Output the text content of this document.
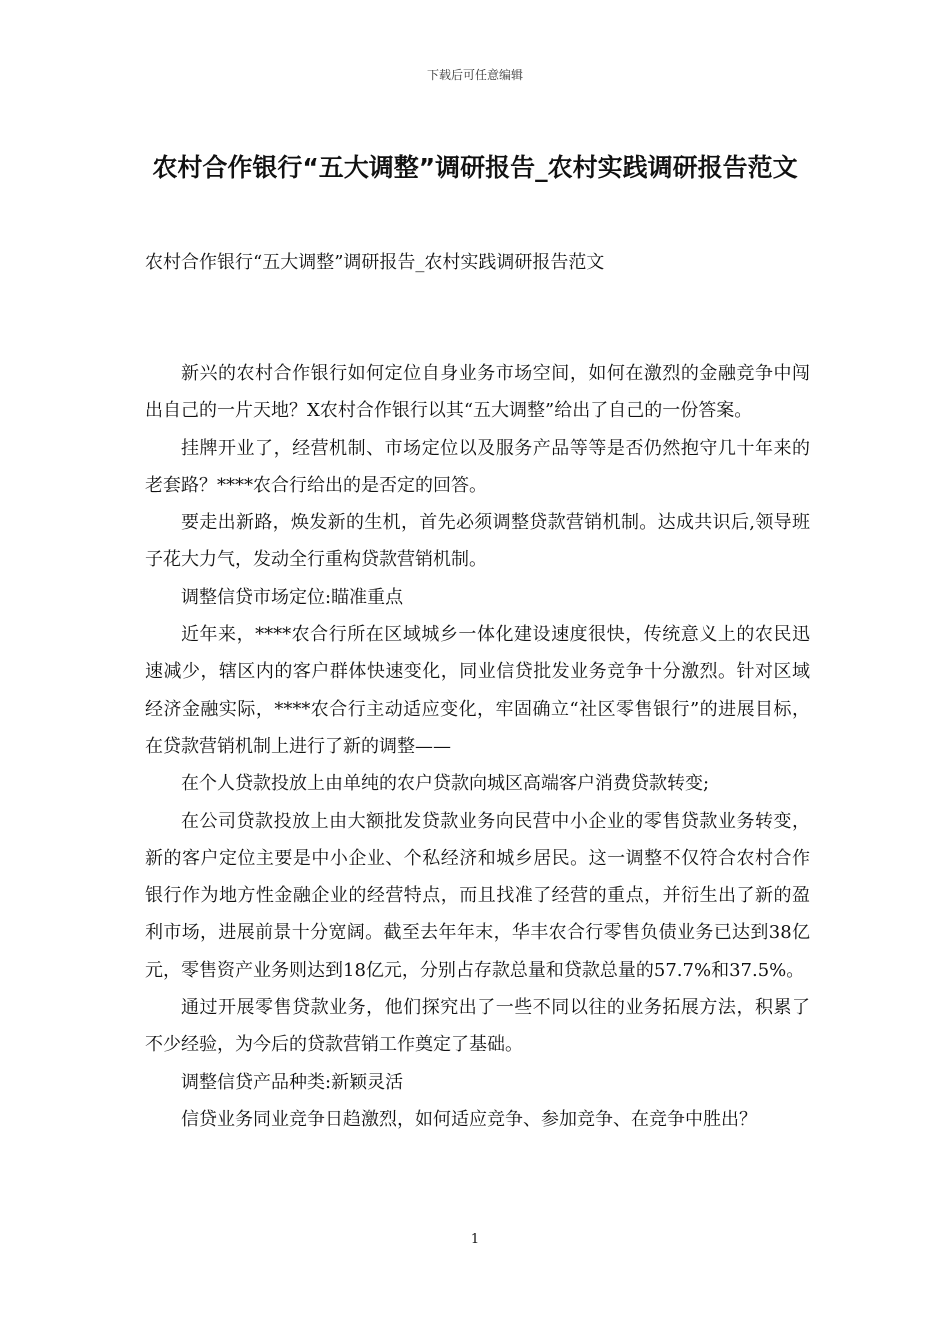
下载后可任意编辑
农村合作银行“五大调整”调研报告_农村实践调研报告范文
农村合作银行“五大调整”调研报告_农村实践调研报告范文

新兴的农村合作银行如何定位自身业务市场空间，如何在激烈的金融竞争中闯出自己的一片天地？X农村合作银行以其“五大调整”给出了自己的一份答案。

挂牌开业了，经营机制、市场定位以及服务产品等等是否仍然抱守几十年来的老套路？****农合行给出的是否定的回答。

要走出新路，焕发新的生机，首先必须调整贷款营销机制。达成共识后,领导班子花大力气，发动全行重构贷款营销机制。

调整信贷市场定位:瞄准重点

近年来，****农合行所在区域城乡一体化建设速度很快，传统意义上的农民迅速减少，辖区内的客户群体快速变化，同业信贷批发业务竞争十分激烈。针对区域经济金融实际，****农合行主动适应变化，牢固确立“社区零售银行”的进展目标，在贷款营销机制上进行了新的调整——

在个人贷款投放上由单纯的农户贷款向城区高端客户消费贷款转变;

在公司贷款投放上由大额批发贷款业务向民营中小企业的零售贷款业务转变，新的客户定位主要是中小企业、个私经济和城乡居民。这一调整不仅符合农村合作银行作为地方性金融企业的经营特点，而且找准了经营的重点，并衍生出了新的盈利市场，进展前景十分宽阔。截至去年年末，华丰农合行零售负债业务已达到38亿元，零售资产业务则达到18亿元，分别占存款总量和贷款总量的57.7%和37.5%。

通过开展零售贷款业务，他们探究出了一些不同以往的业务拓展方法，积累了不少经验，为今后的贷款营销工作奠定了基础。

调整信贷产品种类:新颖灵活

信贷业务同业竞争日趋激烈，如何适应竞争、参加竞争、在竞争中胜出？

1
